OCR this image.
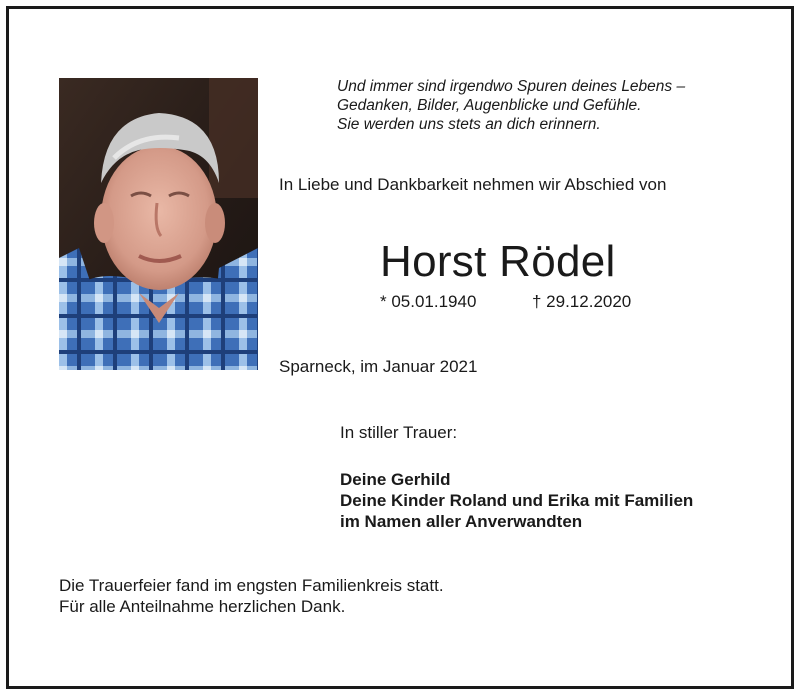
Und immer sind irgendwo Spuren deines Lebens –
Gedanken, Bilder, Augenblicke und Gefühle.
Sie werden uns stets an dich erinnern.
In Liebe und Dankbarkeit nehmen wir Abschied von
Horst Rödel
* 05.01.1940	† 29.12.2020
Sparneck, im Januar 2021
In stiller Trauer:
Deine Gerhild
Deine Kinder Roland und Erika mit Familien
im Namen aller Anverwandten
Die Trauerfeier fand im engsten Familienkreis statt.
Für alle Anteilnahme herzlichen Dank.
